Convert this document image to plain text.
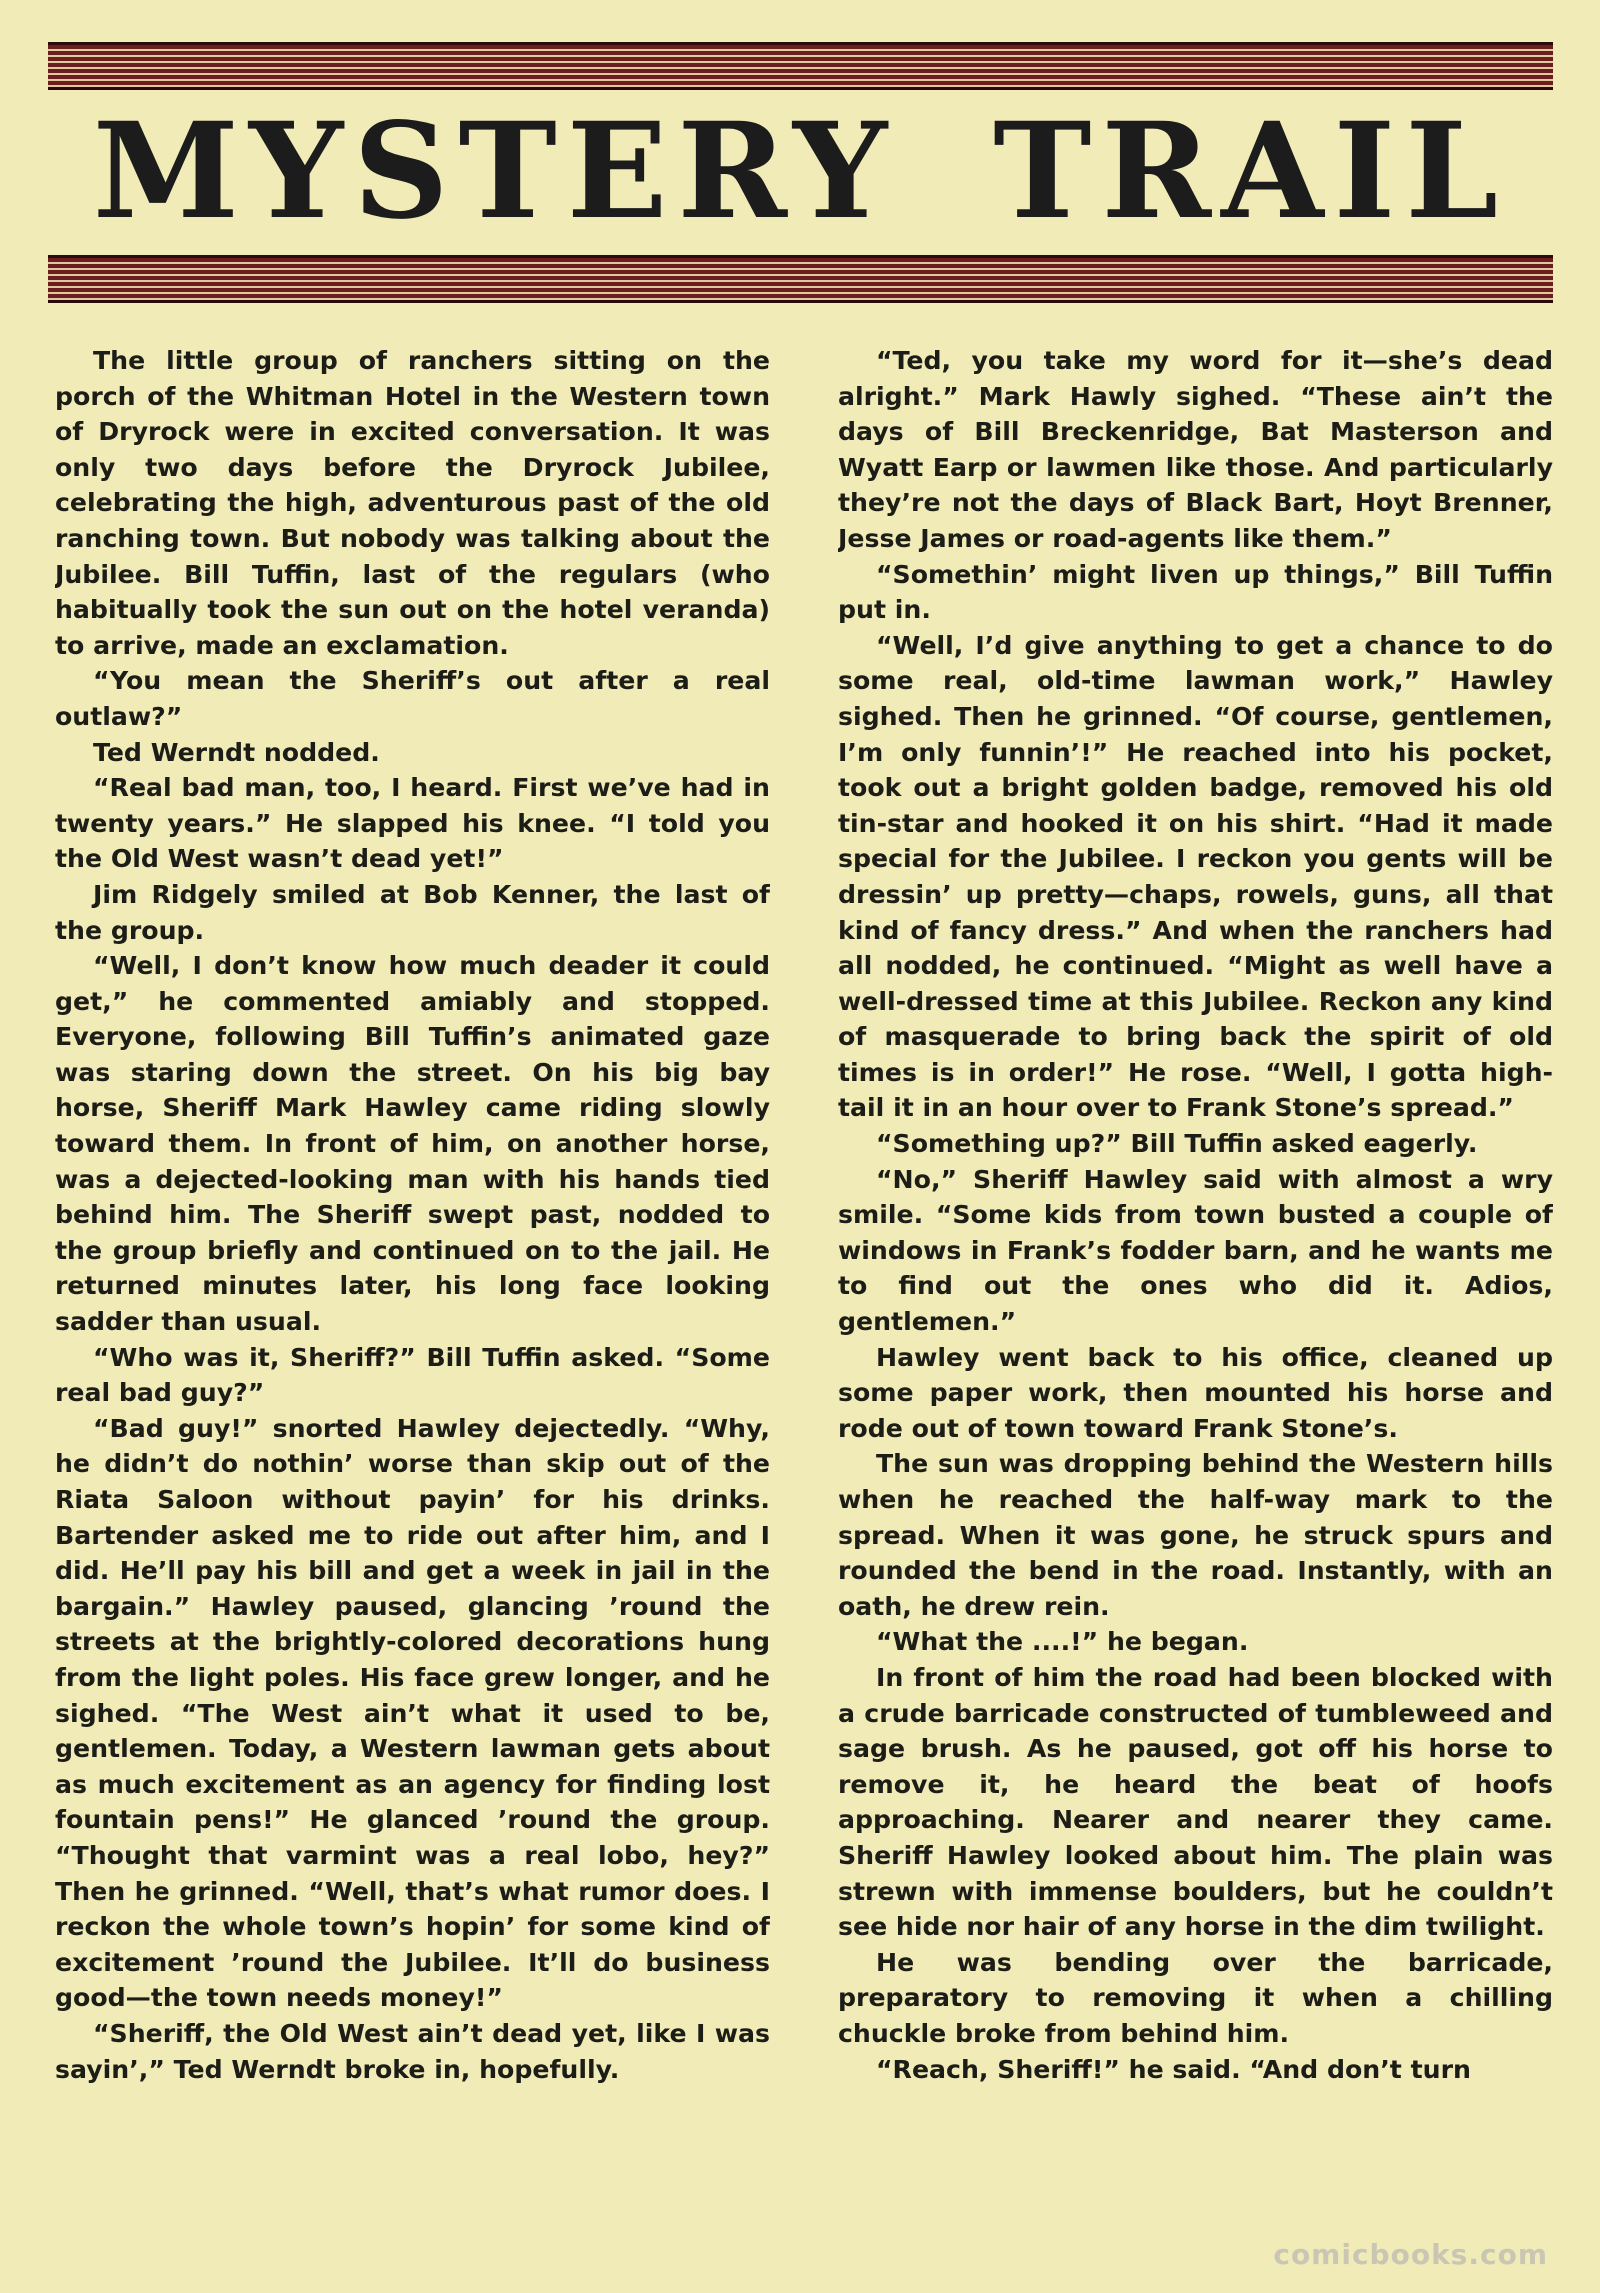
MYSTERY TRAIL

The little group of ranchers sitting on the porch of the Whitman Hotel in the Western town of Dryrock were in excited conversation. It was only two days before the Dryrock Jubilee, celebrating the high, adventurous past of the old ranching town. But nobody was talking about the Jubilee. Bill Tuffin, last of the regulars (who habitually took the sun out on the hotel veranda) to arrive, made an exclamation.

“You mean the Sheriff’s out after a real outlaw?”

Ted Werndt nodded.

“Real bad man, too, I heard. First we’ve had in twenty years.” He slapped his knee. “I told you the Old West wasn’t dead yet!”

Jim Ridgely smiled at Bob Kenner, the last of the group.

“Well, I don’t know how much deader it could get,” he commented amiably and stopped. Everyone, following Bill Tuffin’s animated gaze was staring down the street. On his big bay horse, Sheriff Mark Hawley came riding slowly toward them. In front of him, on another horse, was a dejected-looking man with his hands tied behind him. The Sheriff swept past, nodded to the group briefly and continued on to the jail. He returned minutes later, his long face looking sadder than usual.

“Who was it, Sheriff?” Bill Tuffin asked. “Some real bad guy?”

“Bad guy!” snorted Hawley dejectedly. “Why, he didn’t do nothin’ worse than skip out of the Riata Saloon without payin’ for his drinks. Bartender asked me to ride out after him, and I did. He’ll pay his bill and get a week in jail in the bargain.” Hawley paused, glancing ’round the streets at the brightly-colored decorations hung from the light poles. His face grew longer, and he sighed. “The West ain’t what it used to be, gentlemen. Today, a Western lawman gets about as much excitement as an agency for finding lost fountain pens!” He glanced ’round the group. “Thought that varmint was a real lobo, hey?” Then he grinned. “Well, that’s what rumor does. I reckon the whole town’s hopin’ for some kind of excitement ’round the Jubilee. It’ll do business good—the town needs money!”

“Sheriff, the Old West ain’t dead yet, like I was sayin’,” Ted Werndt broke in, hopefully.

“Ted, you take my word for it—she’s dead alright.” Mark Hawly sighed. “These ain’t the days of Bill Breckenridge, Bat Masterson and Wyatt Earp or lawmen like those. And particularly they’re not the days of Black Bart, Hoyt Brenner, Jesse James or road-agents like them.”

“Somethin’ might liven up things,” Bill Tuffin put in.

“Well, I’d give anything to get a chance to do some real, old-time lawman work,” Hawley sighed. Then he grinned. “Of course, gentlemen, I’m only funnin’!” He reached into his pocket, took out a bright golden badge, removed his old tin-star and hooked it on his shirt. “Had it made special for the Jubilee. I reckon you gents will be dressin’ up pretty—chaps, rowels, guns, all that kind of fancy dress.” And when the ranchers had all nodded, he continued. “Might as well have a well-dressed time at this Jubilee. Reckon any kind of masquerade to bring back the spirit of old times is in order!” He rose. “Well, I gotta high-tail it in an hour over to Frank Stone’s spread.”

“Something up?” Bill Tuffin asked eagerly.

“No,” Sheriff Hawley said with almost a wry smile. “Some kids from town busted a couple of windows in Frank’s fodder barn, and he wants me to find out the ones who did it. Adios, gentlemen.”

Hawley went back to his office, cleaned up some paper work, then mounted his horse and rode out of town toward Frank Stone’s.

The sun was dropping behind the Western hills when he reached the half-way mark to the spread. When it was gone, he struck spurs and rounded the bend in the road. Instantly, with an oath, he drew rein.

“What the ....!” he began.

In front of him the road had been blocked with a crude barricade constructed of tumbleweed and sage brush. As he paused, got off his horse to remove it, he heard the beat of hoofs approaching. Nearer and nearer they came. Sheriff Hawley looked about him. The plain was strewn with immense boulders, but he couldn’t see hide nor hair of any horse in the dim twilight.

He was bending over the barricade, preparatory to removing it when a chilling chuckle broke from behind him.

“Reach, Sheriff!” he said. “And don’t turn

comicbooks.com
